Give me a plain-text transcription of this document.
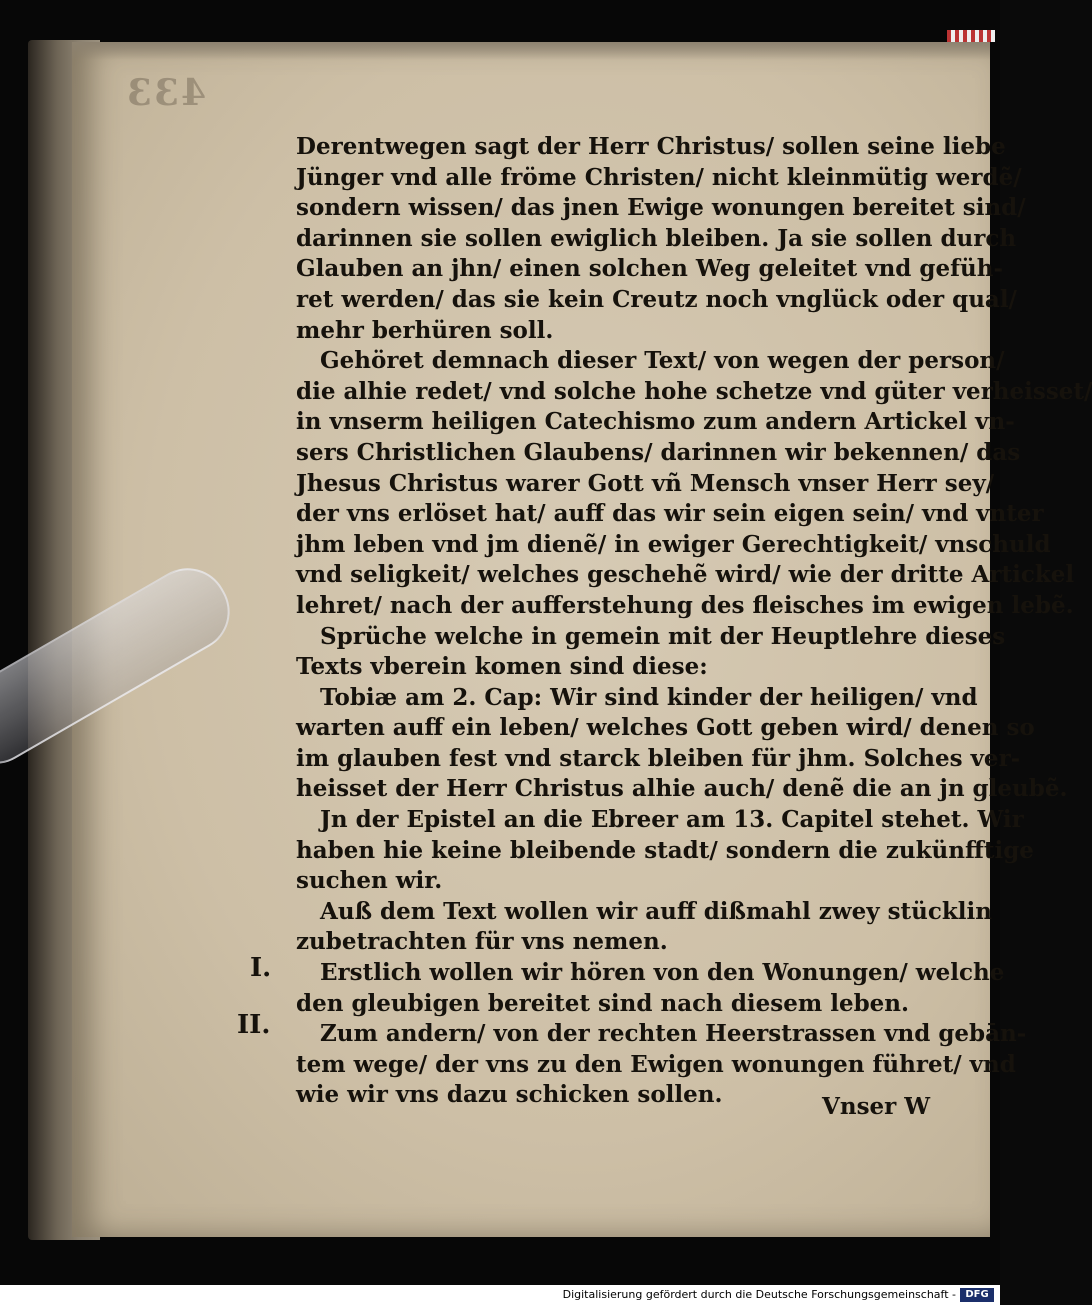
433
Derentwegen sagt der Herr Christus/ sollen seine liebe
Jünger vnd alle fröme Christen/ nicht kleinmütig werdẽ/
sondern wissen/ das jnen Ewige wonungen bereitet sind/
darinnen sie sollen ewiglich bleiben. Ja sie sollen durch
Glauben an jhn/ einen solchen Weg geleitet vnd gefüh-
ret werden/ das sie kein Creutz noch vnglück oder qual/
mehr berhüren soll.
Gehöret demnach dieser Text/ von wegen der person/
die alhie redet/ vnd solche hohe schetze vnd güter verheisset/
in vnserm heiligen Catechismo zum andern Artickel vn-
sers Christlichen Glaubens/ darinnen wir bekennen/ das
Jhesus Christus warer Gott vñ Mensch vnser Herr sey/
der vns erlöset hat/ auff das wir sein eigen sein/ vnd vnter
jhm leben vnd jm dienẽ/ in ewiger Gerechtigkeit/ vnschuld
vnd seligkeit/ welches geschehẽ wird/ wie der dritte Artickel
lehret/ nach der aufferstehung des fleisches im ewigen lebẽ.
Sprüche welche in gemein mit der Heuptlehre dieses
Texts vberein komen sind diese:
Tobiæ am 2. Cap: Wir sind kinder der heiligen/ vnd
warten auff ein leben/ welches Gott geben wird/ denen so
im glauben fest vnd starck bleiben für jhm. Solches ver-
heisset der Herr Christus alhie auch/ denẽ die an jn gleubẽ.
Jn der Epistel an die Ebreer am 13. Capitel stehet. Wir
haben hie keine bleibende stadt/ sondern die zukünfftige
suchen wir.
Auß dem Text wollen wir auff dißmahl zwey stücklin
zubetrachten für vns nemen.
Erstlich wollen wir hören von den Wonungen/ welche
den gleubigen bereitet sind nach diesem leben.
Zum andern/ von der rechten Heerstrassen vnd gebān-
tem wege/ der vns zu den Ewigen wonungen führet/ vnd
wie wir vns dazu schicken sollen.
I.
II.
Vnser W
Digitalisierung gefördert durch die Deutsche Forschungsgemeinschaft - DFG
